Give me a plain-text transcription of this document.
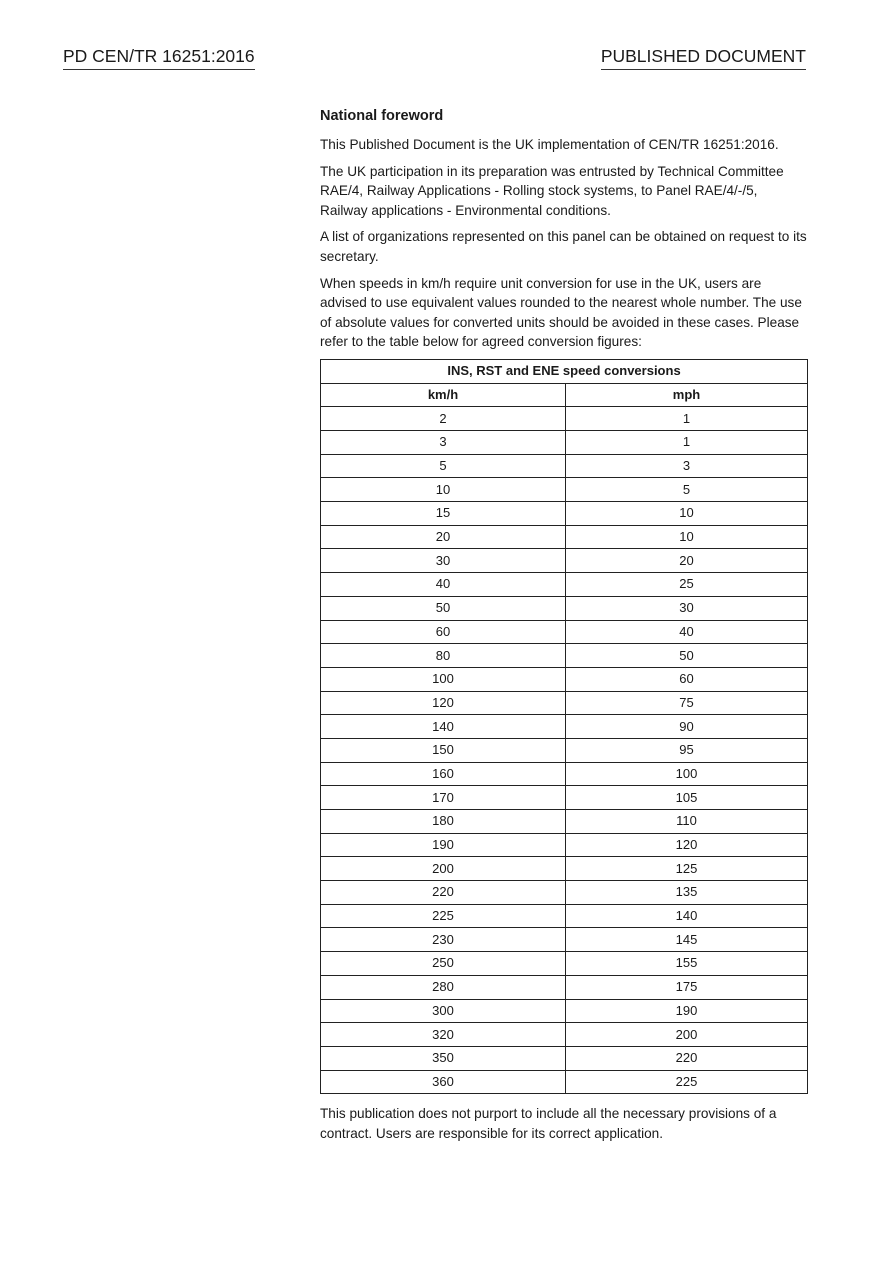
PD CEN/TR 16251:2016	PUBLISHED DOCUMENT
National foreword

This Published Document is the UK implementation of CEN/TR 16251:2016.

The UK participation in its preparation was entrusted by Technical Committee RAE/4, Railway Applications - Rolling stock systems, to Panel RAE/4/-/5, Railway applications - Environmental conditions.

A list of organizations represented on this panel can be obtained on request to its secretary.

When speeds in km/h require unit conversion for use in the UK, users are advised to use equivalent values rounded to the nearest whole number. The use of absolute values for converted units should be avoided in these cases. Please refer to the table below for agreed conversion figures:

INS, RST and ENE speed conversions	
km/h	mph
2	1
3	1
5	3
10	5
15	10
20	10
30	20
40	25
50	30
60	40
80	50
100	60
120	75
140	90
150	95
160	100
170	105
180	110
190	120
200	125
220	135
225	140
230	145
250	155
280	175
300	190
320	200
350	220
360	225

This publication does not purport to include all the necessary provisions of a contract. Users are responsible for its correct application.
